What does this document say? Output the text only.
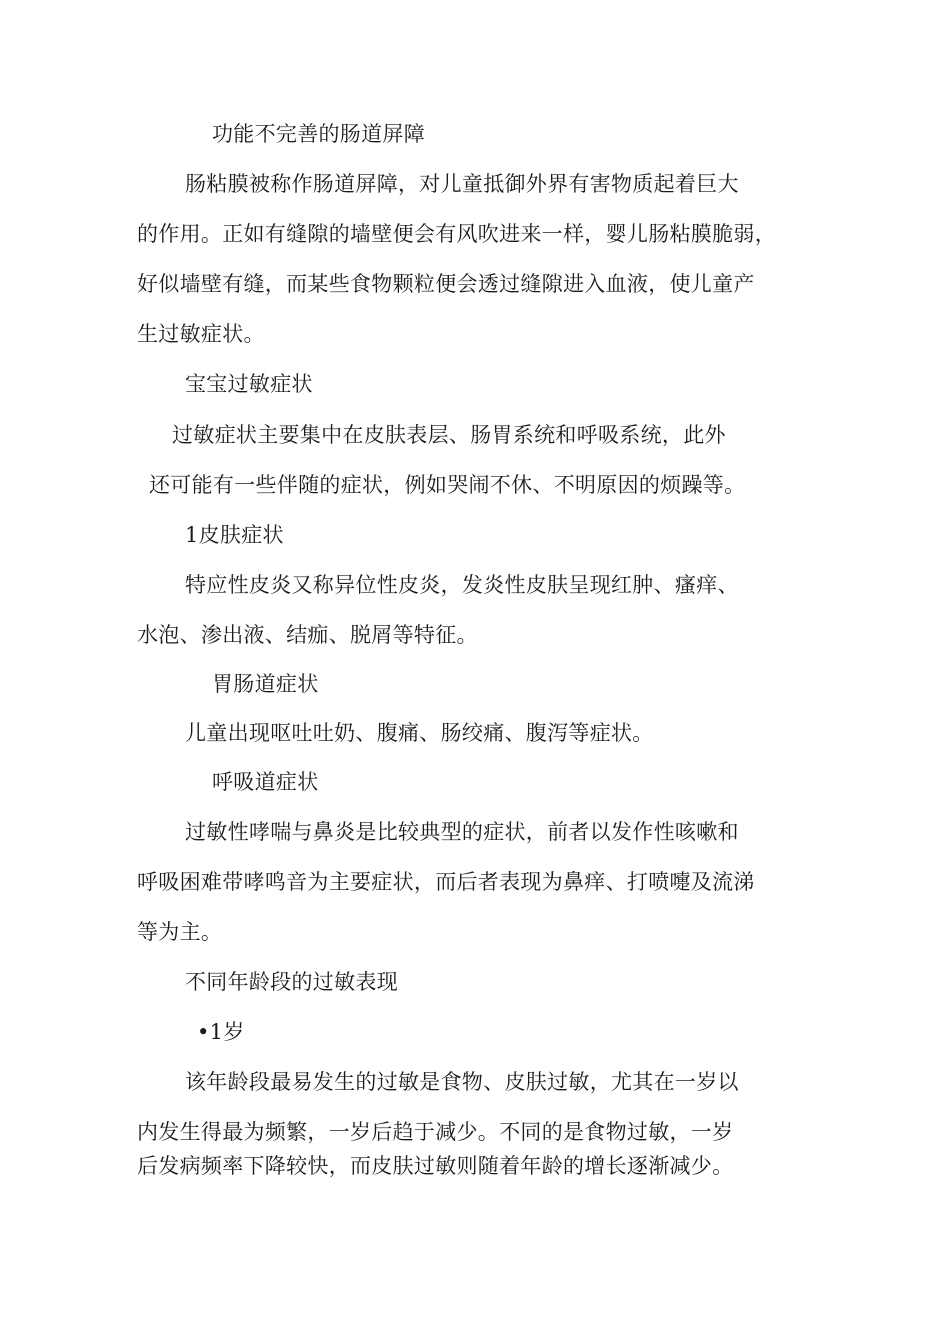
功能不完善的肠道屏障
肠粘膜被称作肠道屏障，对儿童抵御外界有害物质起着巨大
的作用。正如有缝隙的墙壁便会有风吹进来一样，婴儿肠粘膜脆弱，
好似墙壁有缝，而某些食物颗粒便会透过缝隙进入血液，使儿童产
生过敏症状。
宝宝过敏症状
过敏症状主要集中在皮肤表层、肠胃系统和呼吸系统，此外
还可能有一些伴随的症状，例如哭闹不休、不明原因的烦躁等。
1皮肤症状
特应性皮炎又称异位性皮炎，发炎性皮肤呈现红肿、瘙痒、
水泡、渗出液、结痂、脱屑等特征。
胃肠道症状
儿童出现呕吐吐奶、腹痛、肠绞痛、腹泻等症状。
呼吸道症状
过敏性哮喘与鼻炎是比较典型的症状，前者以发作性咳嗽和
呼吸困难带哮鸣音为主要症状，而后者表现为鼻痒、打喷嚏及流涕
等为主。
不同年龄段的过敏表现
•1岁
该年龄段最易发生的过敏是食物、皮肤过敏，尤其在一岁以
内发生得最为频繁，一岁后趋于减少。不同的是食物过敏，一岁
后发病频率下降较快，而皮肤过敏则随着年龄的增长逐渐减少。
